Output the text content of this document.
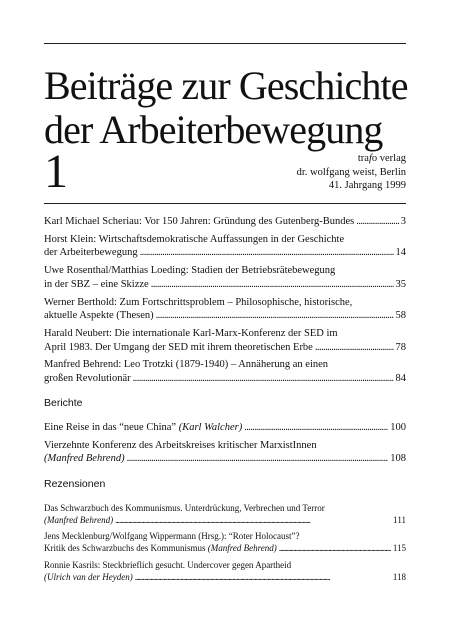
Beiträge zur Geschichte
der Arbeiterbewegung
1	trafo verlag
dr. wolfgang weist, Berlin
41. Jahrgang 1999
Karl Michael Scheriau: Vor 150 Jahren: Gründung des Gutenberg-Bundes . . .	3
Horst Klein: Wirtschaftsdemokratische Auffassungen in der Geschichte
der Arbeiterbewegung . . .	14
Uwe Rosenthal/Matthias Loeding: Stadien der Betriebsrätebewegung
in der SBZ – eine Skizze . . .	35
Werner Berthold: Zum Fortschrittsproblem – Philosophische, historische,
aktuelle Aspekte (Thesen) . . .	58
Harald Neubert: Die internationale Karl-Marx-Konferenz der SED im
April 1983. Der Umgang der SED mit ihrem theoretischen Erbe . . .	78
Manfred Behrend: Leo Trotzki (1879-1940) – Annäherung an einen
großen Revolutionär . . .	84
Berichte
Eine Reise in das “neue China” (Karl Walcher) . . .	100
Vierzehnte Konferenz des Arbeitskreises kritischer MarxistInnen
(Manfred Behrend) . . .	108
Rezensionen
Das Schwarzbuch des Kommunismus. Unterdrückung, Verbrechen und Terror
(Manfred Behrend) . . .	111
Jens Mecklenburg/Wolfgang Wippermann (Hrsg.): “Roter Holocaust”?
Kritik des Schwarzbuchs des Kommunismus (Manfred Behrend) . . .	115
Ronnie Kasrils: Steckbrieflich gesucht. Undercover gegen Apartheid
(Ulrich van der Heyden) . . .	118
